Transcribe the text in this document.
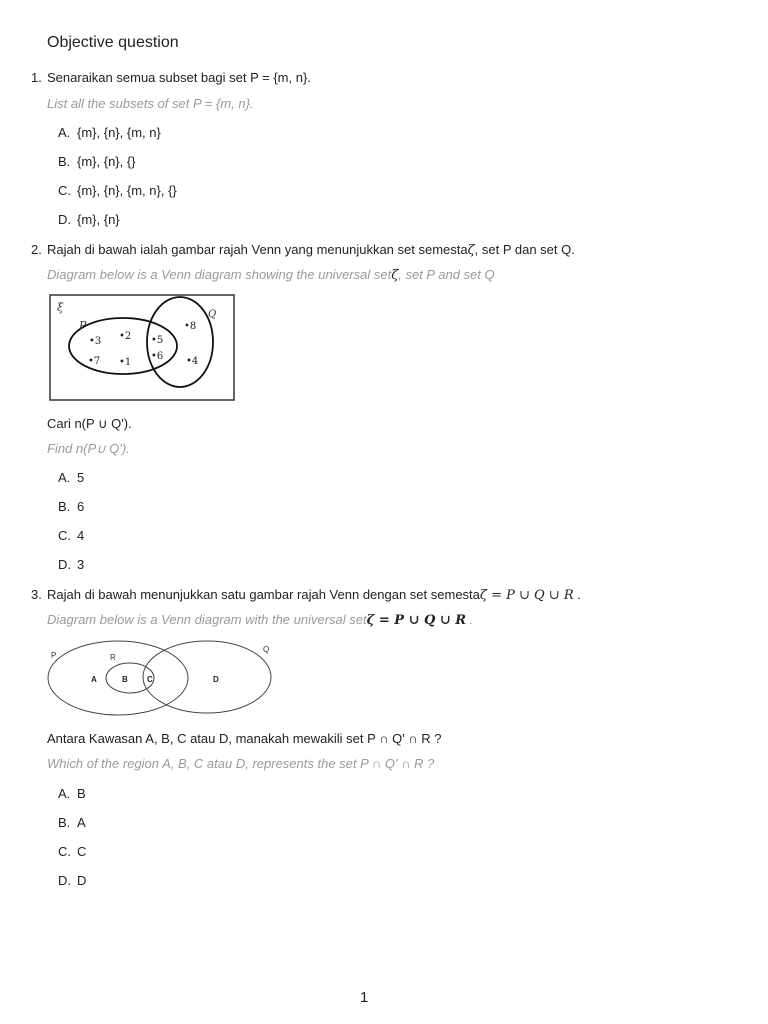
Objective question
1. Senaraikan semua subset bagi set P = {m, n}.
List all the subsets of set P = {m, n}.
A. {m}, {n}, {m, n}
B. {m}, {n}, {}
C. {m}, {n}, {m, n}, {}
D. {m}, {n}
2. Rajah di bawah ialah gambar rajah Venn yang menunjukkan set semestaζ, set P dan set Q.
Diagram below is a Venn diagram showing the universal setζ, set P and set Q
ξ
P
Q
•3 •2
•7 •1
•5
•6
•8
•4
Cari n(P ∪ Q').
Find n(P∪ Q').
A. 5
B. 6
C. 4
D. 3
3. Rajah di bawah menunjukkan satu gambar rajah Venn dengan set semestaζ = P ∪ Q ∪ R .
Diagram below is a Venn diagram with the universal setζ = P ∪ Q ∪ R .
P	R
Q
A	B C	D
Antara Kawasan A, B, C atau D, manakah mewakili set P ∩ Q' ∩ R ?
Which of the region A, B, C atau D, represents the set P ∩ Q' ∩ R ?
A. B
B. A
C. C
D. D
1
